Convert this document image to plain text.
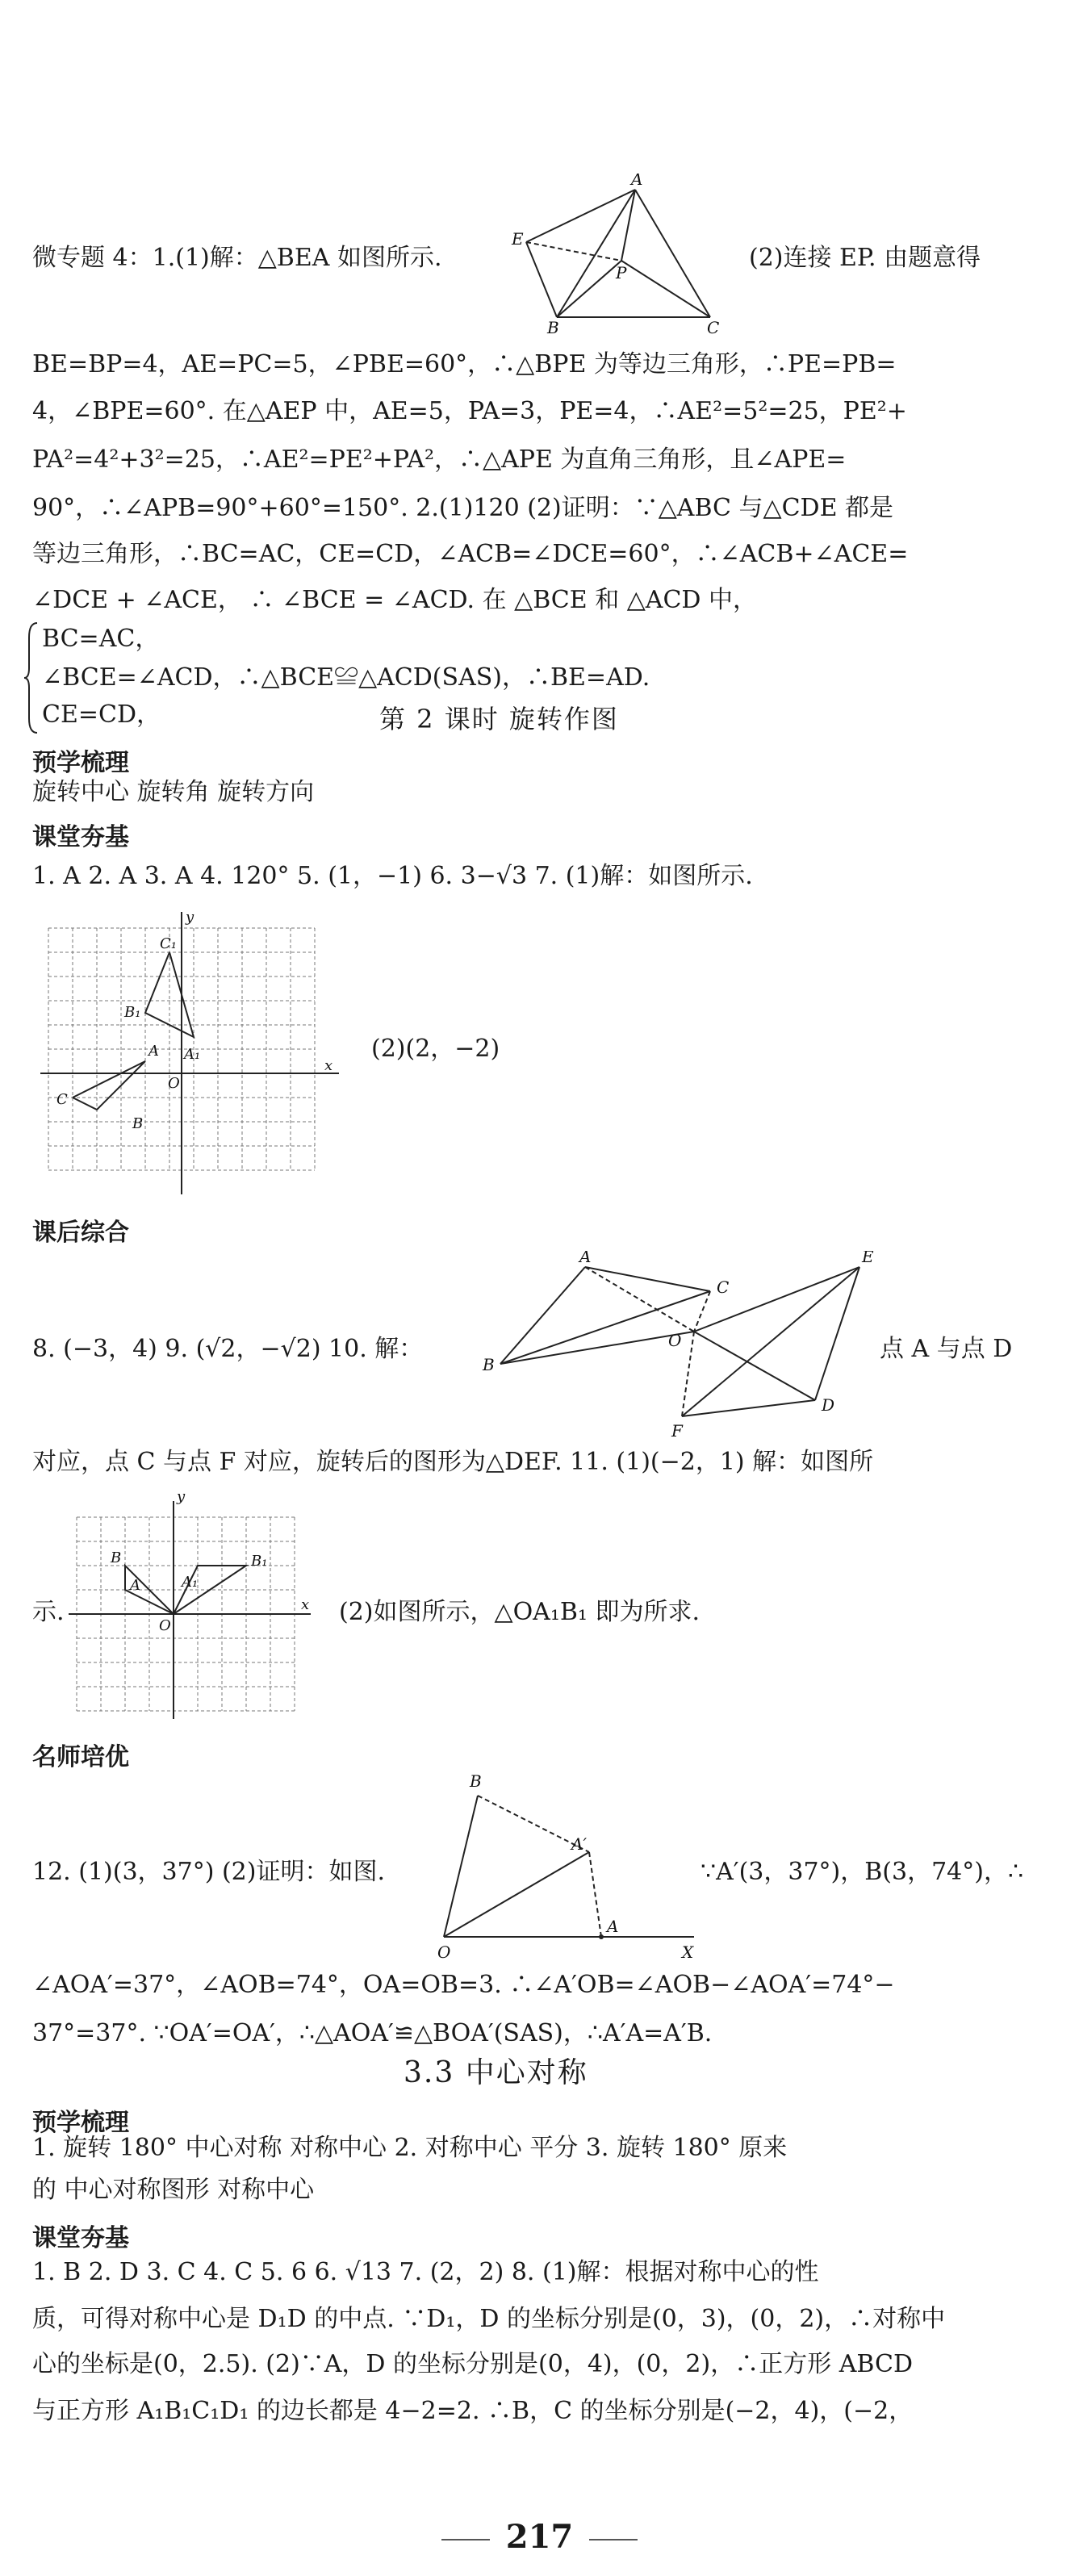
A
E
P
B	C
微专题 4：1.(1)解：△BEA 如图所示.	(2)连接 EP. 由题意得
BE=BP=4，AE=PC=5，∠PBE=60°，∴△BPE 为等边三角形，∴PE=PB=
4，∠BPE=60°. 在△AEP 中，AE=5，PA=3，PE=4，∴AE²=5²=25，PE²+
PA²=4²+3²=25，∴AE²=PE²+PA²，∴△APE 为直角三角形，且∠APE=
90°，∴∠APB=90°+60°=150°. 2.(1)120 (2)证明：∵△ABC 与△CDE 都是
等边三角形，∴BC=AC，CE=CD，∠ACB=∠DCE=60°，∴∠ACB+∠ACE=
∠DCE + ∠ACE， ∴ ∠BCE = ∠ACD. 在 △BCE 和 △ACD 中，
BC=AC，
∠BCE=∠ACD，∴△BCE≌△ACD(SAS)，∴BE=AD.
CE=CD，	第 2 课时 旋转作图
预学梳理
旋转中心 旋转角 旋转方向
课堂夯基
1. A 2. A 3. A 4. 120° 5. (1，−1) 6. 3−√3 7. (1)解：如图所示.
y
C₁
B₁
A A₁
O
x
C
B
(2)(2，−2)
课后综合
A
C
E
B
O
F
D
8. (−3，4) 9. (√2，−√2) 10. 解：	点 A 与点 D
对应，点 C 与点 F 对应，旋转后的图形为△DEF. 11. (1)(−2，1) 解：如图所
y
B
A₁
A
B₁
O
x
示.	(2)如图所示，△OA₁B₁ 即为所求.
名师培优
B
A′
A
O	X
12. (1)(3，37°) (2)证明：如图.	∵A′(3，37°)，B(3，74°)，∴
∠AOA′=37°，∠AOB=74°，OA=OB=3. ∴∠A′OB=∠AOB−∠AOA′=74°−
37°=37°. ∵OA′=OA′，∴△AOA′≌△BOA′(SAS)，∴A′A=A′B.
3.3 中心对称
预学梳理
1. 旋转 180° 中心对称 对称中心 2. 对称中心 平分 3. 旋转 180° 原来
的 中心对称图形 对称中心
课堂夯基
1. B 2. D 3. C 4. C 5. 6 6. √13 7. (2，2) 8. (1)解：根据对称中心的性
质，可得对称中心是 D₁D 的中点. ∵D₁，D 的坐标分别是(0，3)，(0，2)，∴对称中
心的坐标是(0，2.5). (2)∵A，D 的坐标分别是(0，4)，(0，2)，∴正方形 ABCD
与正方形 A₁B₁C₁D₁ 的边长都是 4−2=2. ∴B，C 的坐标分别是(−2，4)，(−2，
217
